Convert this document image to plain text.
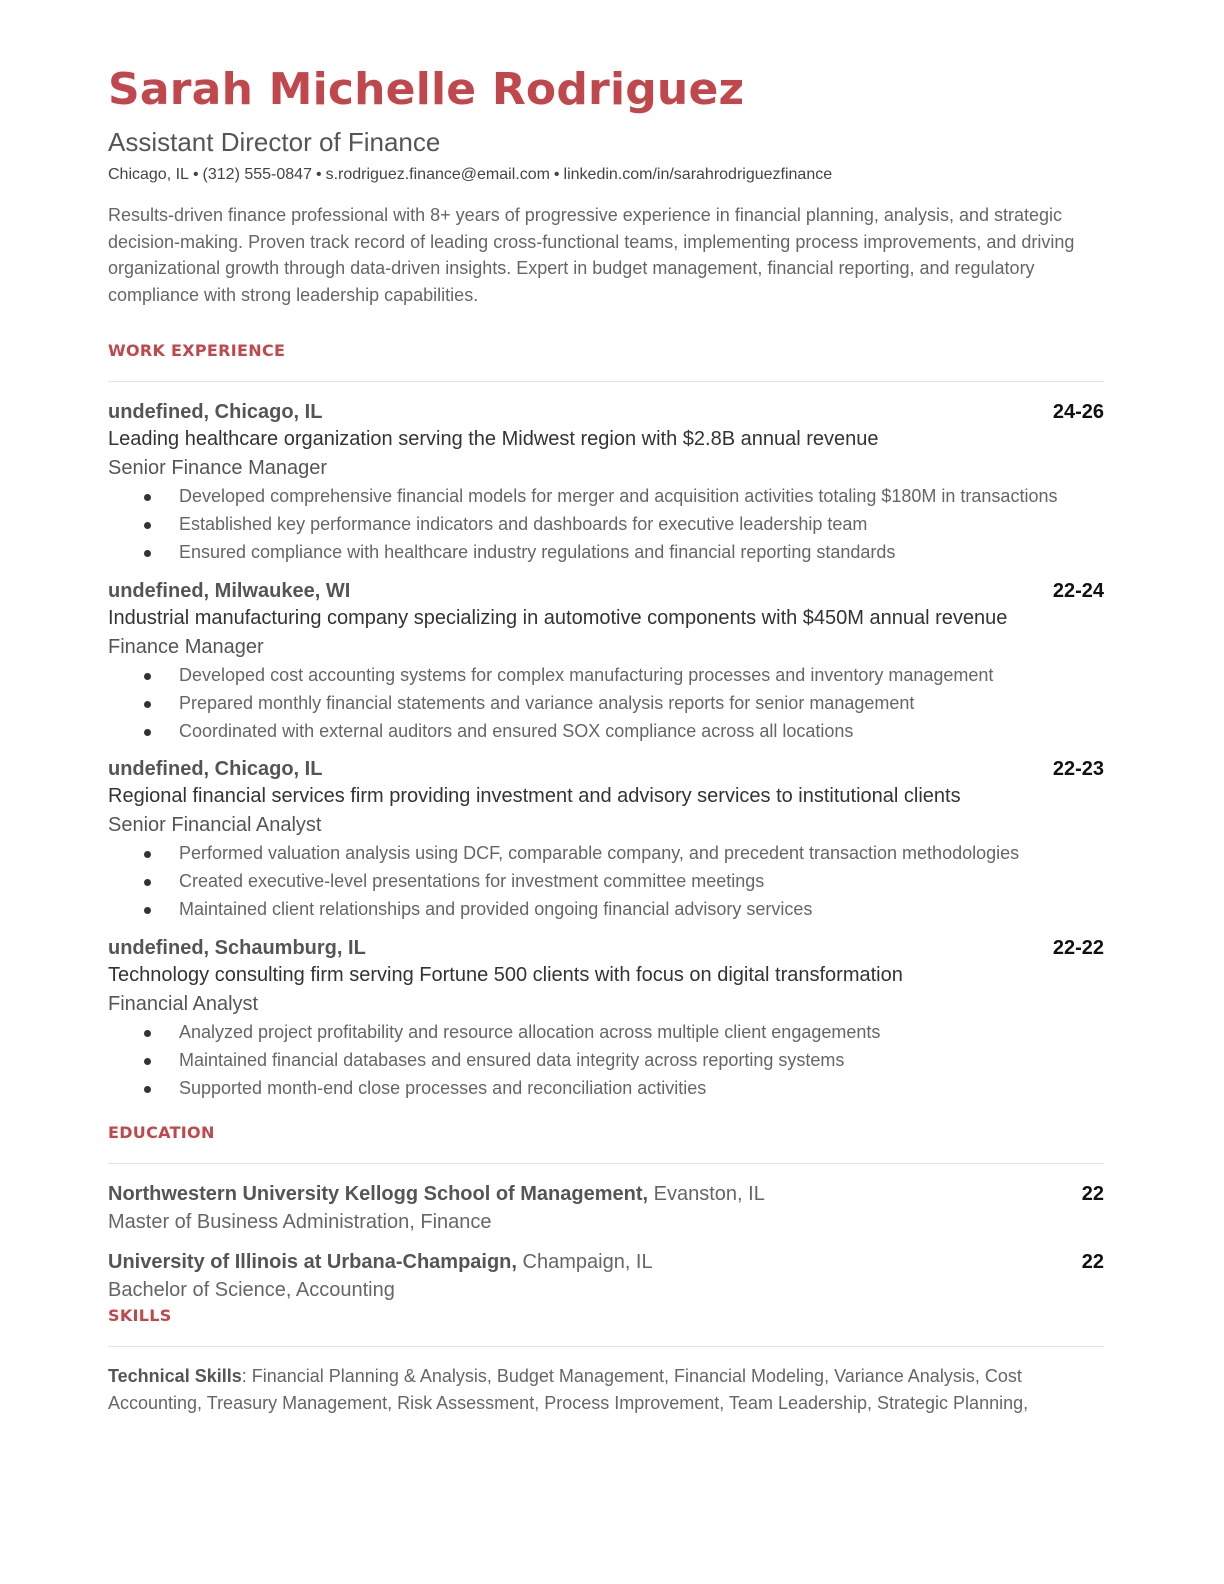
Sarah Michelle Rodriguez
Assistant Director of Finance
Chicago, IL • (312) 555-0847 • s.rodriguez.finance@email.com • linkedin.com/in/sarahrodriguezfinance
Results-driven finance professional with 8+ years of progressive experience in financial planning, analysis, and strategic decision-making. Proven track record of leading cross-functional teams, implementing process improvements, and driving organizational growth through data-driven insights. Expert in budget management, financial reporting, and regulatory compliance with strong leadership capabilities.
WORK EXPERIENCE
undefined, Chicago, IL	24-26
Leading healthcare organization serving the Midwest region with $2.8B annual revenue
Senior Finance Manager
Developed comprehensive financial models for merger and acquisition activities totaling $180M in transactions
Established key performance indicators and dashboards for executive leadership team
Ensured compliance with healthcare industry regulations and financial reporting standards
undefined, Milwaukee, WI	22-24
Industrial manufacturing company specializing in automotive components with $450M annual revenue
Finance Manager
Developed cost accounting systems for complex manufacturing processes and inventory management
Prepared monthly financial statements and variance analysis reports for senior management
Coordinated with external auditors and ensured SOX compliance across all locations
undefined, Chicago, IL	22-23
Regional financial services firm providing investment and advisory services to institutional clients
Senior Financial Analyst
Performed valuation analysis using DCF, comparable company, and precedent transaction methodologies
Created executive-level presentations for investment committee meetings
Maintained client relationships and provided ongoing financial advisory services
undefined, Schaumburg, IL	22-22
Technology consulting firm serving Fortune 500 clients with focus on digital transformation
Financial Analyst
Analyzed project profitability and resource allocation across multiple client engagements
Maintained financial databases and ensured data integrity across reporting systems
Supported month-end close processes and reconciliation activities
EDUCATION
Northwestern University Kellogg School of Management, Evanston, IL	22
Master of Business Administration, Finance
University of Illinois at Urbana-Champaign, Champaign, IL	22
Bachelor of Science, Accounting
SKILLS
Technical Skills: Financial Planning & Analysis, Budget Management, Financial Modeling, Variance Analysis, Cost Accounting, Treasury Management, Risk Assessment, Process Improvement, Team Leadership, Strategic Planning,
